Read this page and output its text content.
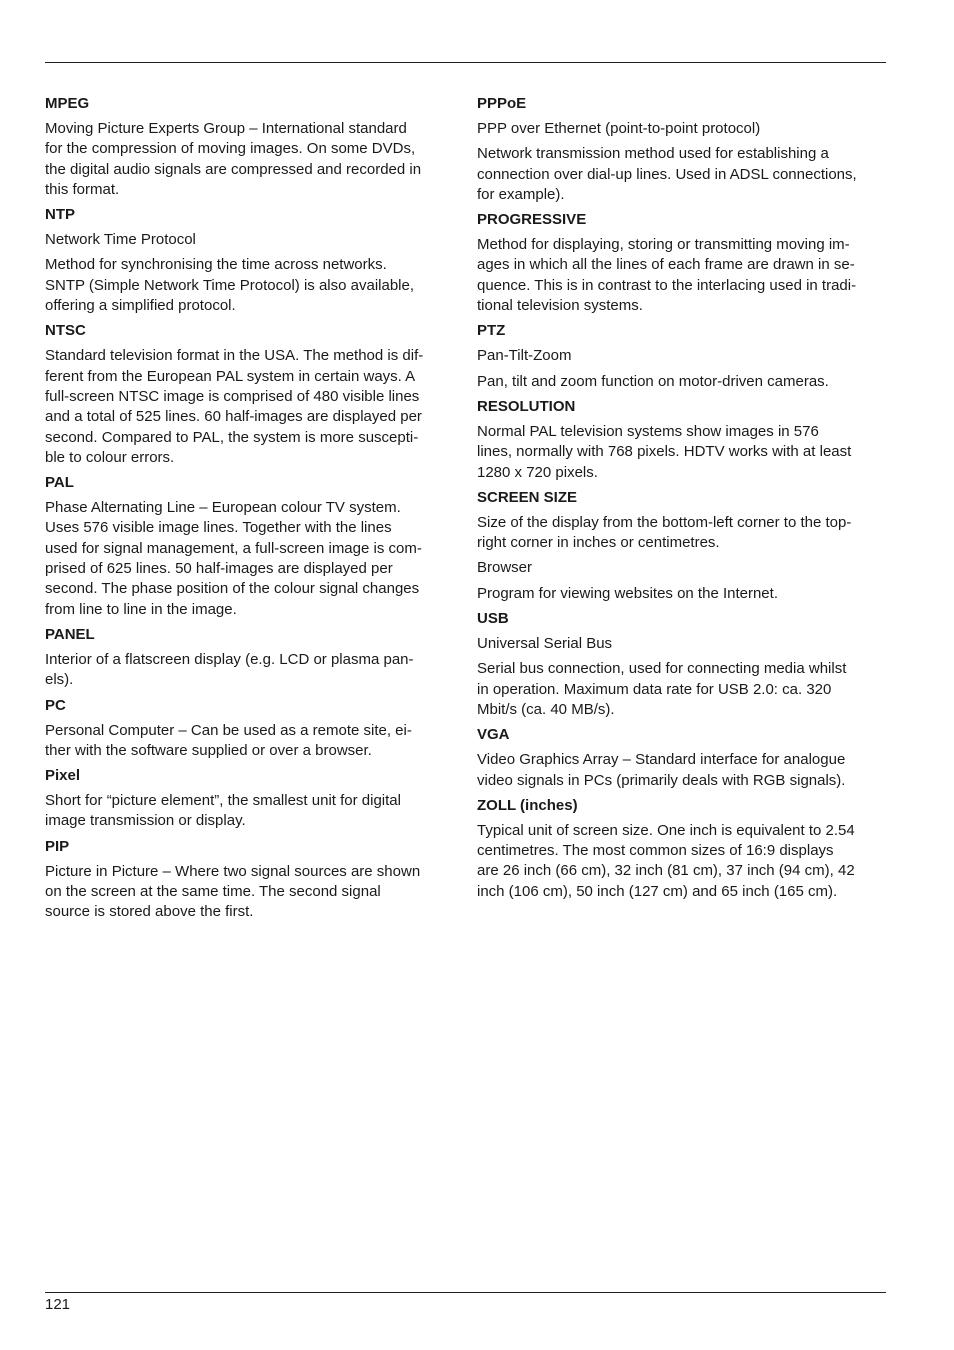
MPEG
Moving Picture Experts Group – International standard
for the compression of moving images. On some DVDs,
the digital audio signals are compressed and recorded in
this format.
NTP
Network Time Protocol
Method for synchronising the time across networks.
SNTP (Simple Network Time Protocol) is also available,
offering a simplified protocol.
NTSC
Standard television format in the USA. The method is dif-
ferent from the European PAL system in certain ways. A
full-screen NTSC image is comprised of 480 visible lines
and a total of 525 lines. 60 half-images are displayed per
second. Compared to PAL, the system is more suscepti-
ble to colour errors.
PAL
Phase Alternating Line – European colour TV system.
Uses 576 visible image lines. Together with the lines
used for signal management, a full-screen image is com-
prised of 625 lines. 50 half-images are displayed per
second. The phase position of the colour signal changes
from line to line in the image.
PANEL
Interior of a flatscreen display (e.g. LCD or plasma pan-
els).
PC
Personal Computer – Can be used as a remote site, ei-
ther with the software supplied or over a browser.
Pixel
Short for “picture element”, the smallest unit for digital
image transmission or display.
PIP
Picture in Picture – Where two signal sources are shown
on the screen at the same time. The second signal
source is stored above the first.
PPPoE
PPP over Ethernet (point-to-point protocol)
Network transmission method used for establishing a
connection over dial-up lines. Used in ADSL connections,
for example).
PROGRESSIVE
Method for displaying, storing or transmitting moving im-
ages in which all the lines of each frame are drawn in se-
quence. This is in contrast to the interlacing used in tradi-
tional television systems.
PTZ
Pan-Tilt-Zoom
Pan, tilt and zoom function on motor-driven cameras.
RESOLUTION
Normal PAL television systems show images in 576
lines, normally with 768 pixels. HDTV works with at least
1280 x 720 pixels.
SCREEN SIZE
Size of the display from the bottom-left corner to the top-
right corner in inches or centimetres.
Browser
Program for viewing websites on the Internet.
USB
Universal Serial Bus
Serial bus connection, used for connecting media whilst
in operation. Maximum data rate for USB 2.0: ca. 320
Mbit/s (ca. 40 MB/s).
VGA
Video Graphics Array – Standard interface for analogue
video signals in PCs (primarily deals with RGB signals).
ZOLL (inches)
Typical unit of screen size. One inch is equivalent to 2.54
centimetres. The most common sizes of 16:9 displays
are 26 inch (66 cm), 32 inch (81 cm), 37 inch (94 cm), 42
inch (106 cm), 50 inch (127 cm) and 65 inch (165 cm).
121
